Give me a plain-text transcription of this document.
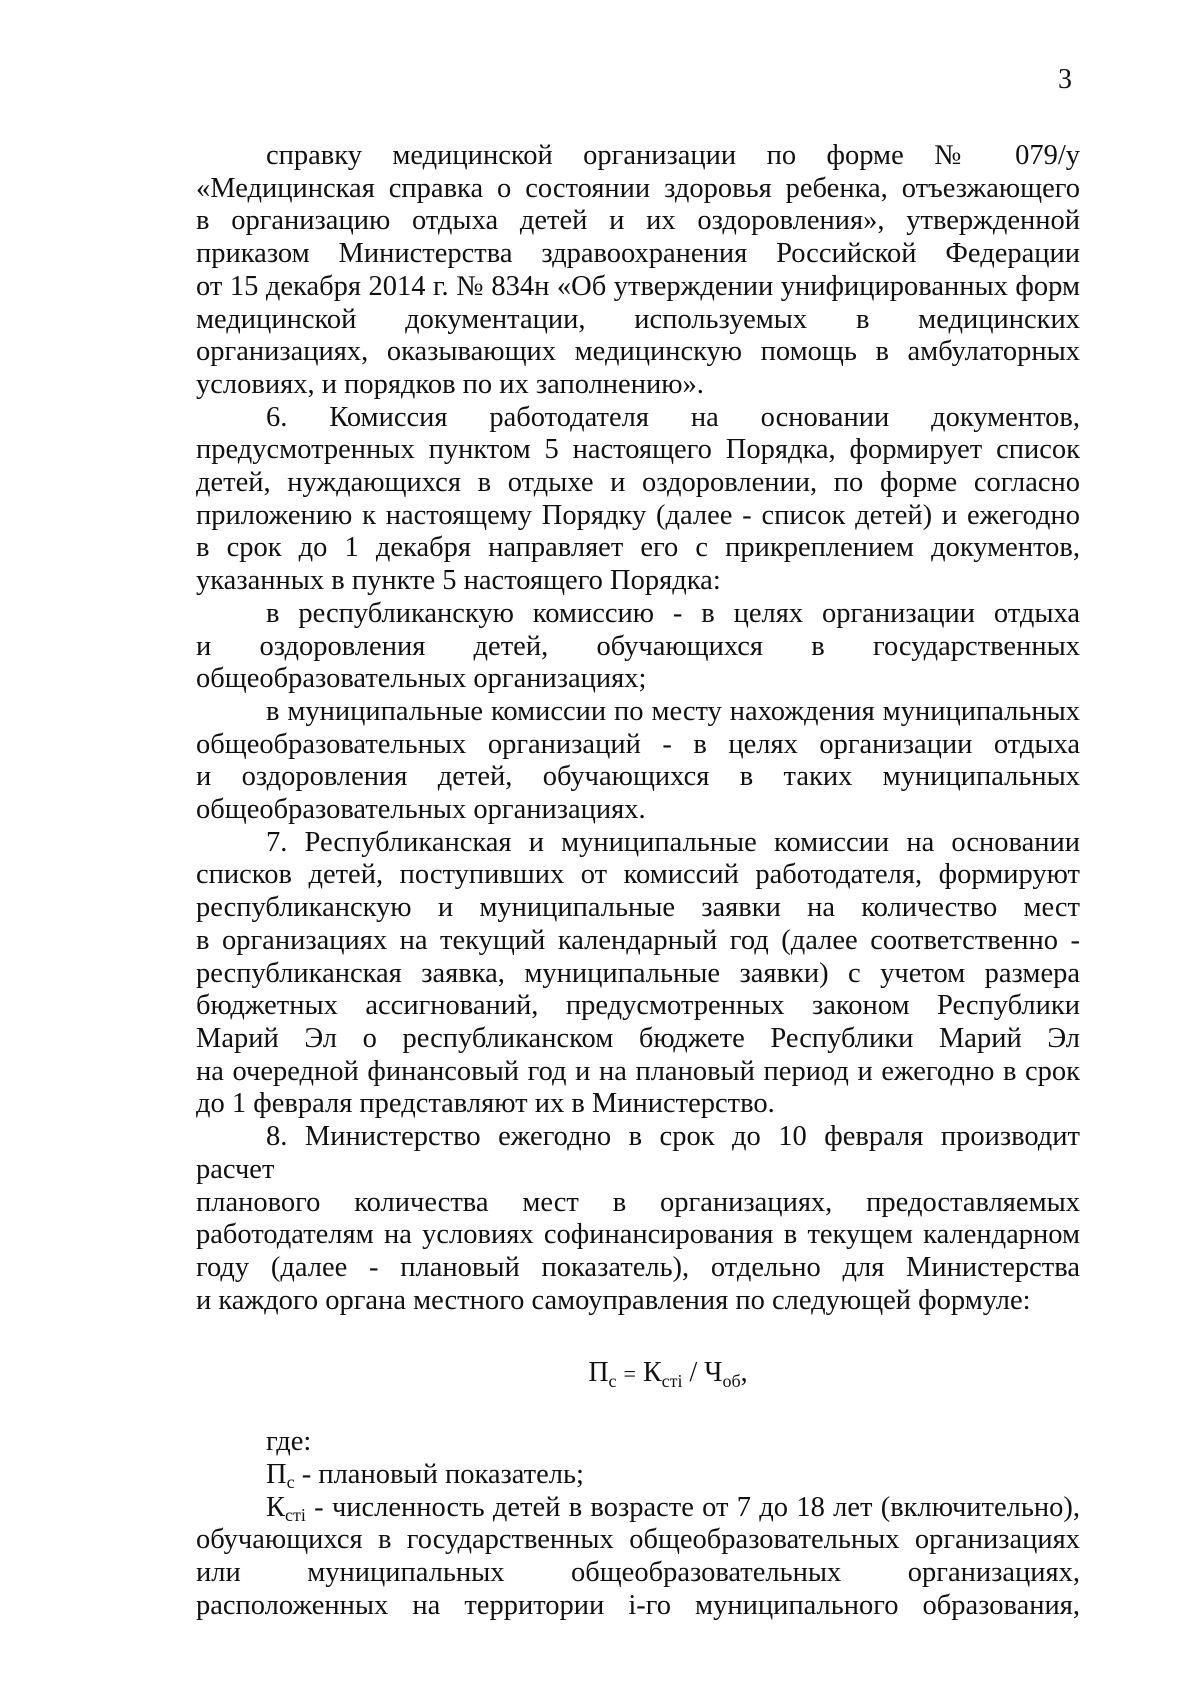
3
справку медицинской организации по форме № 079/у
«Медицинская справка о состоянии здоровья ребенка, отъезжающего
в организацию отдыха детей и их оздоровления», утвержденной
приказом Министерства здравоохранения Российской Федерации
от 15 декабря 2014 г. № 834н «Об утверждении унифицированных форм
медицинской документации, используемых в медицинских
организациях, оказывающих медицинскую помощь в амбулаторных
условиях, и порядков по их заполнению».
6. Комиссия работодателя на основании документов,
предусмотренных пунктом 5 настоящего Порядка, формирует список
детей, нуждающихся в отдыхе и оздоровлении, по форме согласно
приложению к настоящему Порядку (далее - список детей) и ежегодно
в срок до 1 декабря направляет его с прикреплением документов,
указанных в пункте 5 настоящего Порядка:
в республиканскую комиссию - в целях организации отдыха
и оздоровления детей, обучающихся в государственных
общеобразовательных организациях;
в муниципальные комиссии по месту нахождения муниципальных
общеобразовательных организаций - в целях организации отдыха
и оздоровления детей, обучающихся в таких муниципальных
общеобразовательных организациях.
7. Республиканская и муниципальные комиссии на основании
списков детей, поступивших от комиссий работодателя, формируют
республиканскую и муниципальные заявки на количество мест
в организациях на текущий календарный год (далее соответственно -
республиканская заявка, муниципальные заявки) с учетом размера
бюджетных ассигнований, предусмотренных законом Республики
Марий Эл о республиканском бюджете Республики Марий Эл
на очередной финансовый год и на плановый период и ежегодно в срок
до 1 февраля представляют их в Министерство.
8. Министерство ежегодно в срок до 10 февраля производит расчет
планового количества мест в организациях, предоставляемых
работодателям на условиях софинансирования в текущем календарном
году (далее - плановый показатель), отдельно для Министерства
и каждого органа местного самоуправления по следующей формуле:
$П_с = К_{сті} / Ч_{об}$,
где:
$П_с$ - плановый показатель;
$К_{сті}$ - численность детей в возрасте от 7 до 18 лет (включительно),
обучающихся в государственных общеобразовательных организациях
или муниципальных общеобразовательных организациях,
расположенных на территории i-го муниципального образования,
